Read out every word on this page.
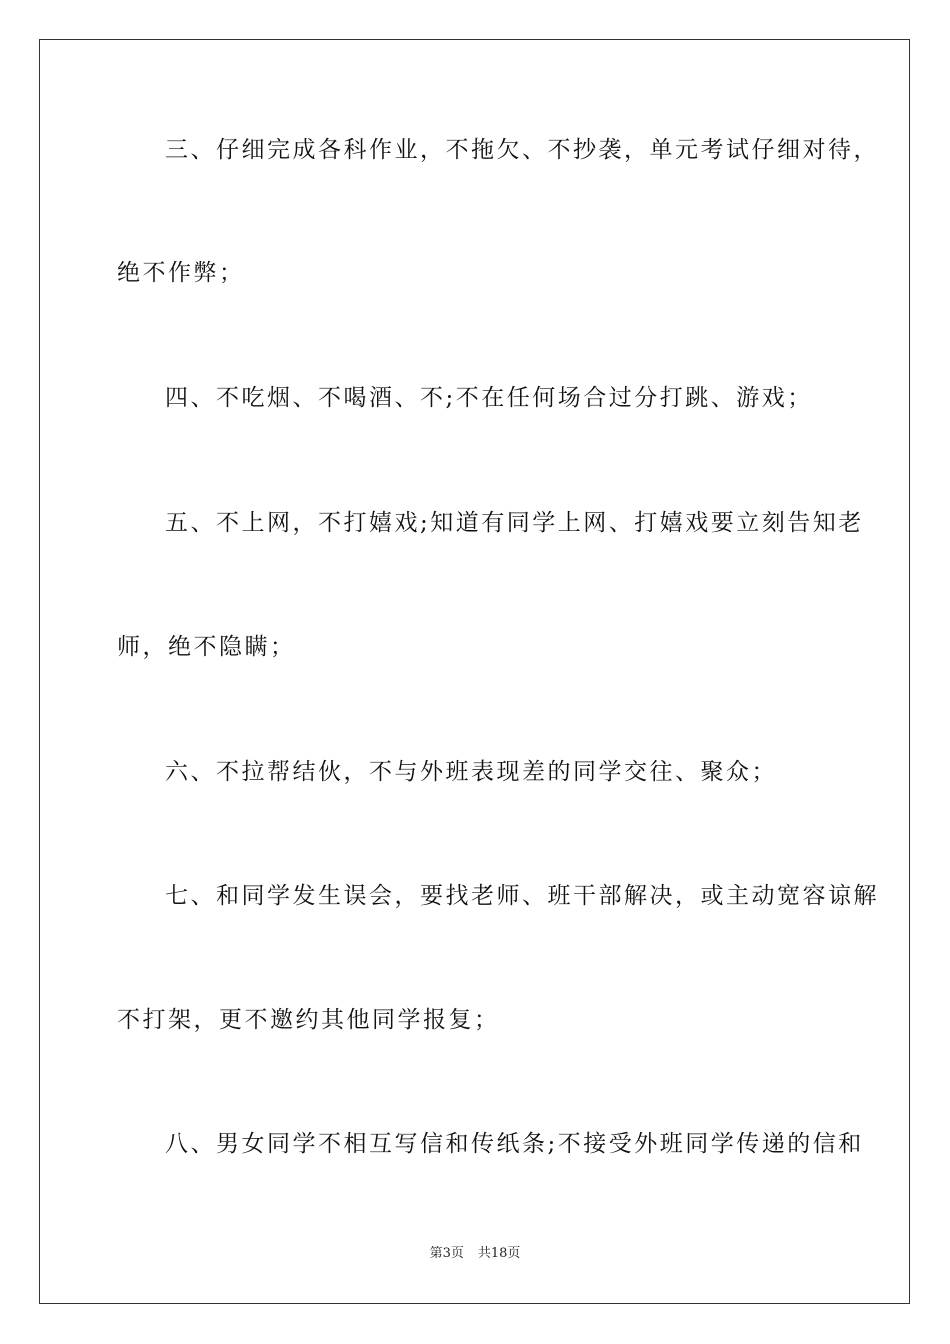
三、仔细完成各科作业，不拖欠、不抄袭，单元考试仔细对待，
绝不作弊；
四、不吃烟、不喝酒、不;不在任何场合过分打跳、游戏；
五、不上网，不打嬉戏;知道有同学上网、打嬉戏要立刻告知老
师，绝不隐瞒；
六、不拉帮结伙，不与外班表现差的同学交往、聚众；
七、和同学发生误会，要找老师、班干部解决，或主动宽容谅解
不打架，更不邀约其他同学报复；
八、男女同学不相互写信和传纸条;不接受外班同学传递的信和
第3页 共18页
